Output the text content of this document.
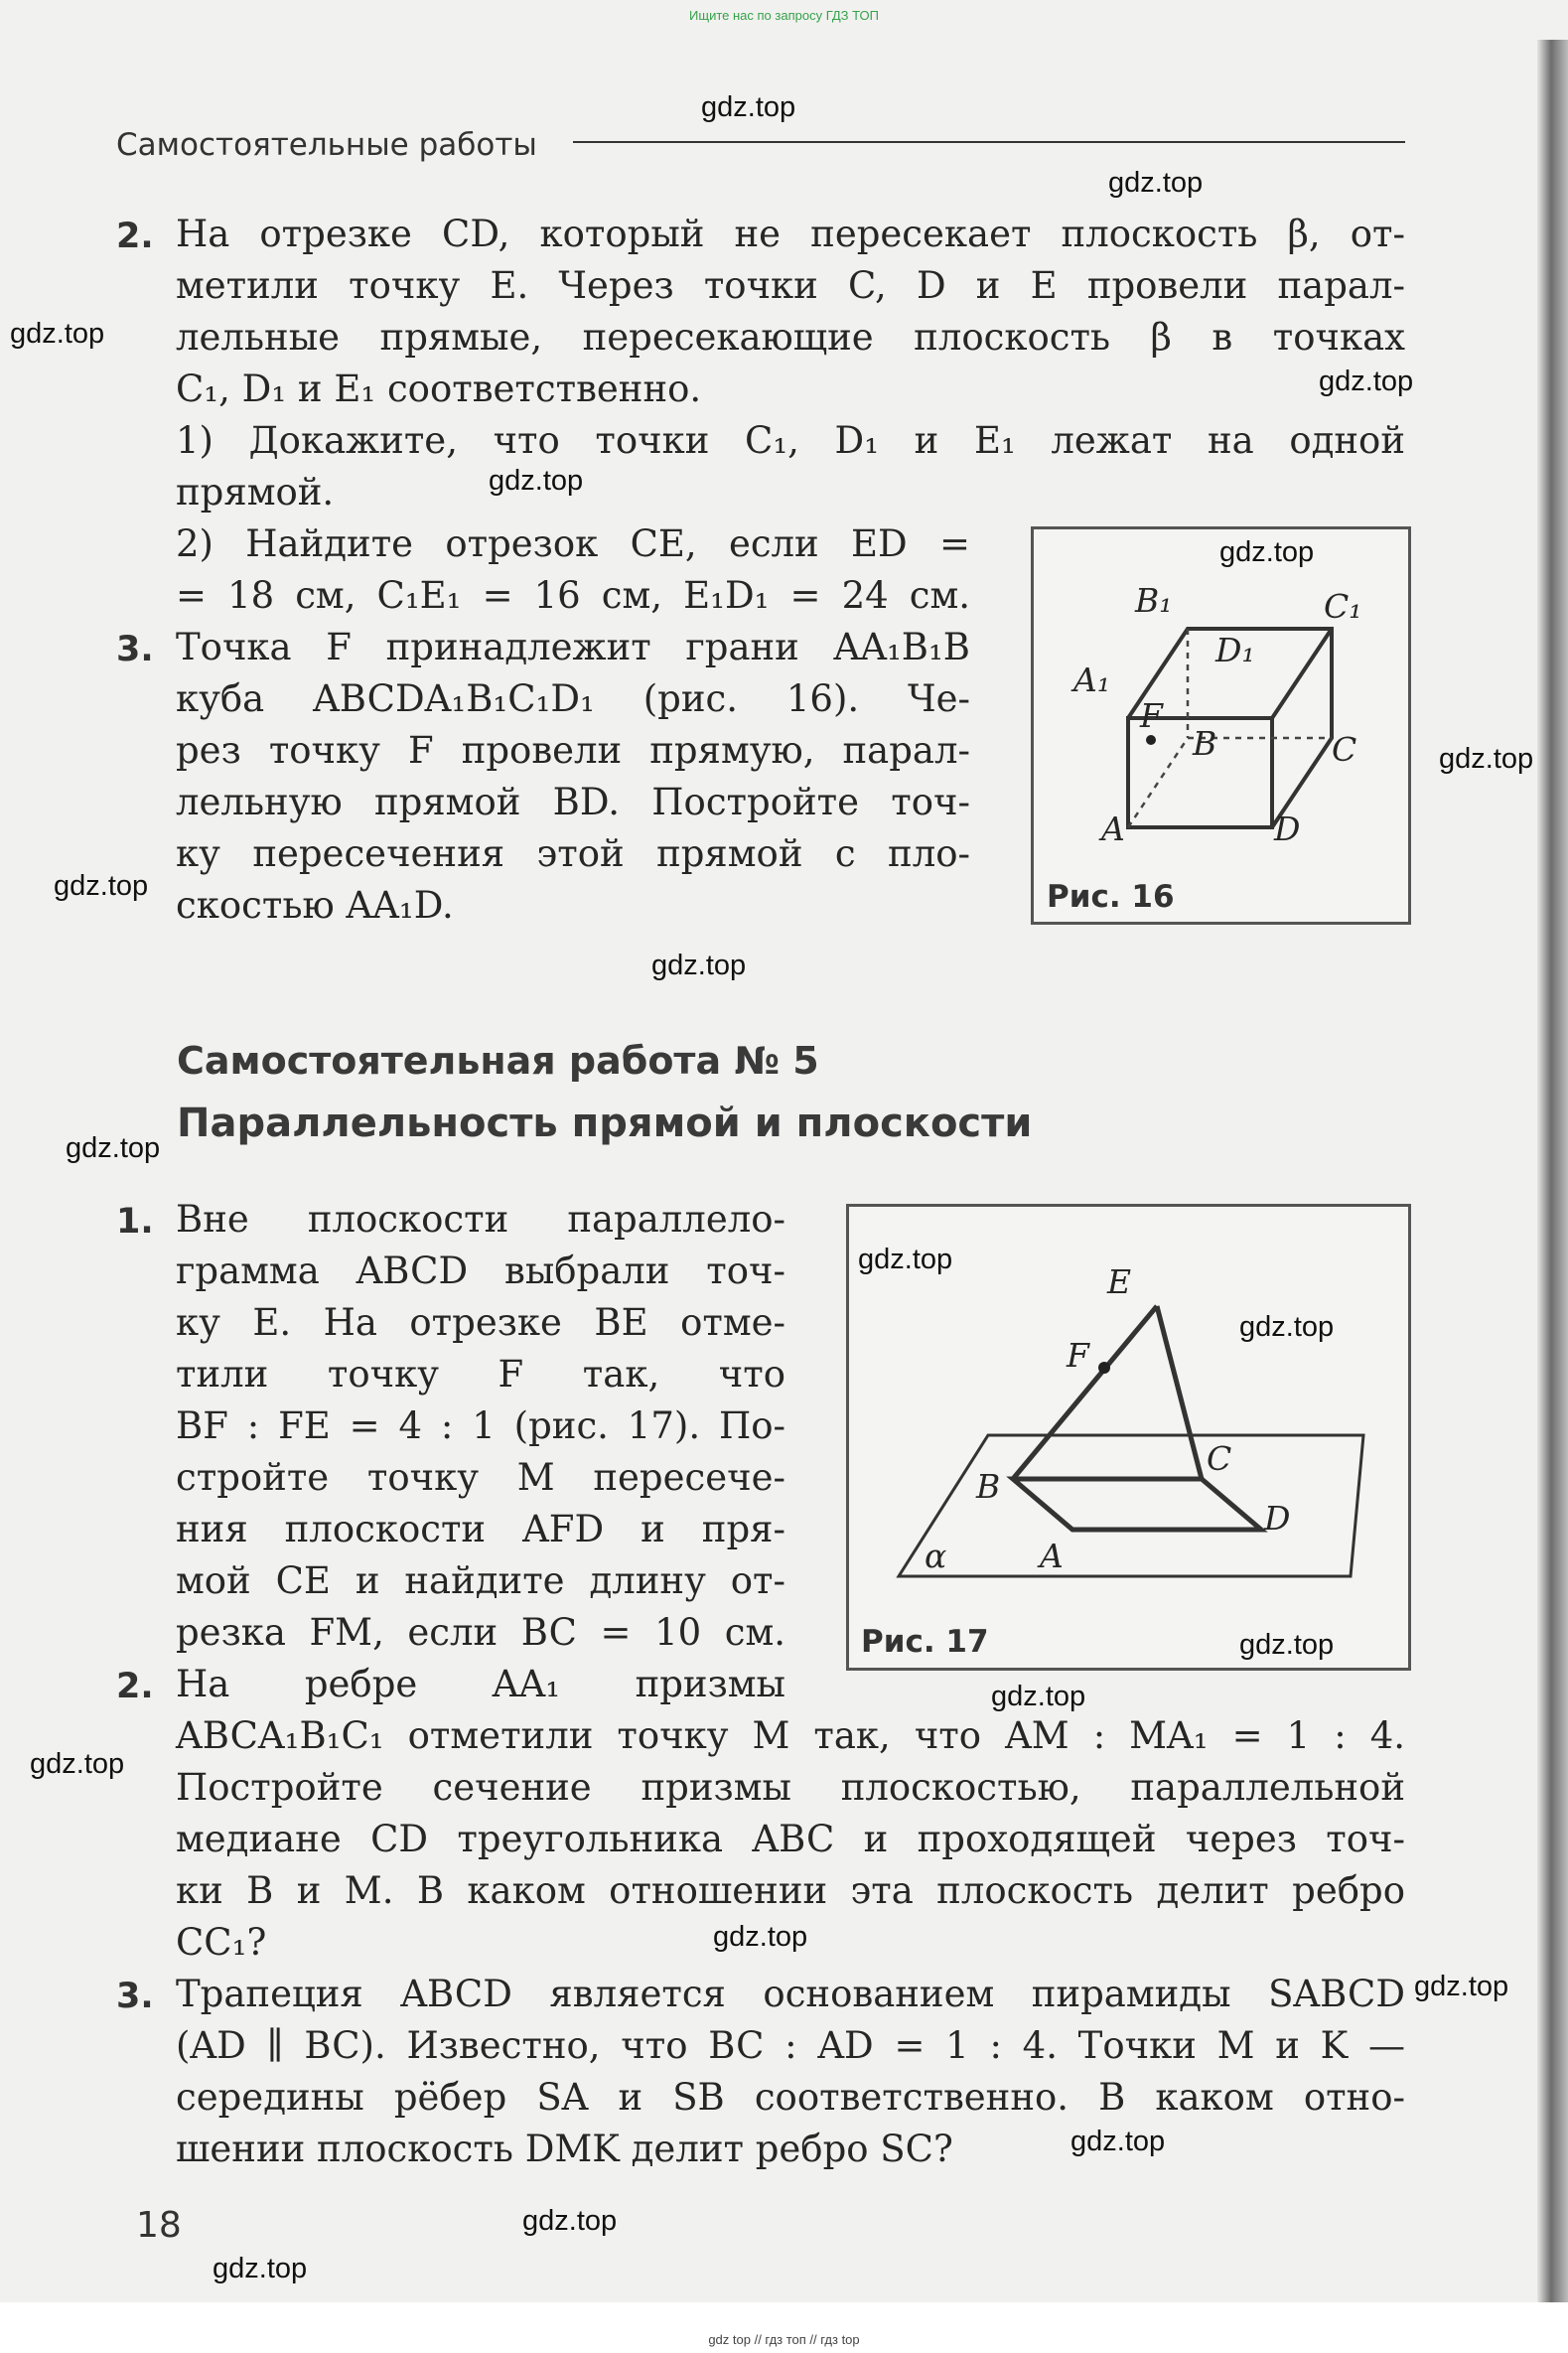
Ищите нас по запросу ГДЗ ТОП
Самостоятельные работы
2. На отрезке CD, который не пересекает плоскость β, от-
метили точку E. Через точки C, D и E провели парал-
лельные прямые, пересекающие плоскость β в точках
C₁, D₁ и E₁ соответственно.
1) Докажите, что точки C₁, D₁ и E₁ лежат на одной
прямой.
2) Найдите отрезок CE, если ED =
= 18 см, C₁E₁ = 16 см, E₁D₁ = 24 см.
3. Точка F принадлежит грани AA₁B₁B
куба ABCDA₁B₁C₁D₁ (рис. 16). Че-
рез точку F провели прямую, парал-
лельную прямой BD. Постройте точ-
ку пересечения этой прямой с пло-
скостью AA₁D.
B₁	C₁
D₁
A₁
F
B	C
A	D
Рис. 16
Самостоятельная работа № 5
Параллельность прямой и плоскости
1. Вне плоскости параллело-
грамма ABCD выбрали точ-
ку E. На отрезке BE отме-
тили точку F так, что
BF : FE = 4 : 1 (рис. 17). По-
стройте точку M пересече-
ния плоскости AFD и пря-
мой CE и найдите длину от-
резка FM, если BC = 10 см.
E
F
C
B
D
α	A
Рис. 17
2. На ребре AA₁ призмы
ABCA₁B₁C₁ отметили точку M так, что AM : MA₁ = 1 : 4.
Постройте сечение призмы плоскостью, параллельной
медиане CD треугольника ABC и проходящей через точ-
ки B и M. В каком отношении эта плоскость делит ребро
CC₁?
3. Трапеция ABCD является основанием пирамиды SABCD
(AD ∥ BC). Известно, что BC : AD = 1 : 4. Точки M и K —
середины рёбер SA и SB соответственно. В каком отно-
шении плоскость DMK делит ребро SC?
18
gdz.top
gdz.top
gdz.top
gdz.top
gdz.top
gdz.top
gdz.top
gdz.top
gdz.top
gdz.top
gdz.top
gdz.top
gdz.top
gdz.top
gdz.top
gdz.top
gdz.top
gdz.top
gdz.top
gdz.top
gdz top // гдз топ // гдз top
